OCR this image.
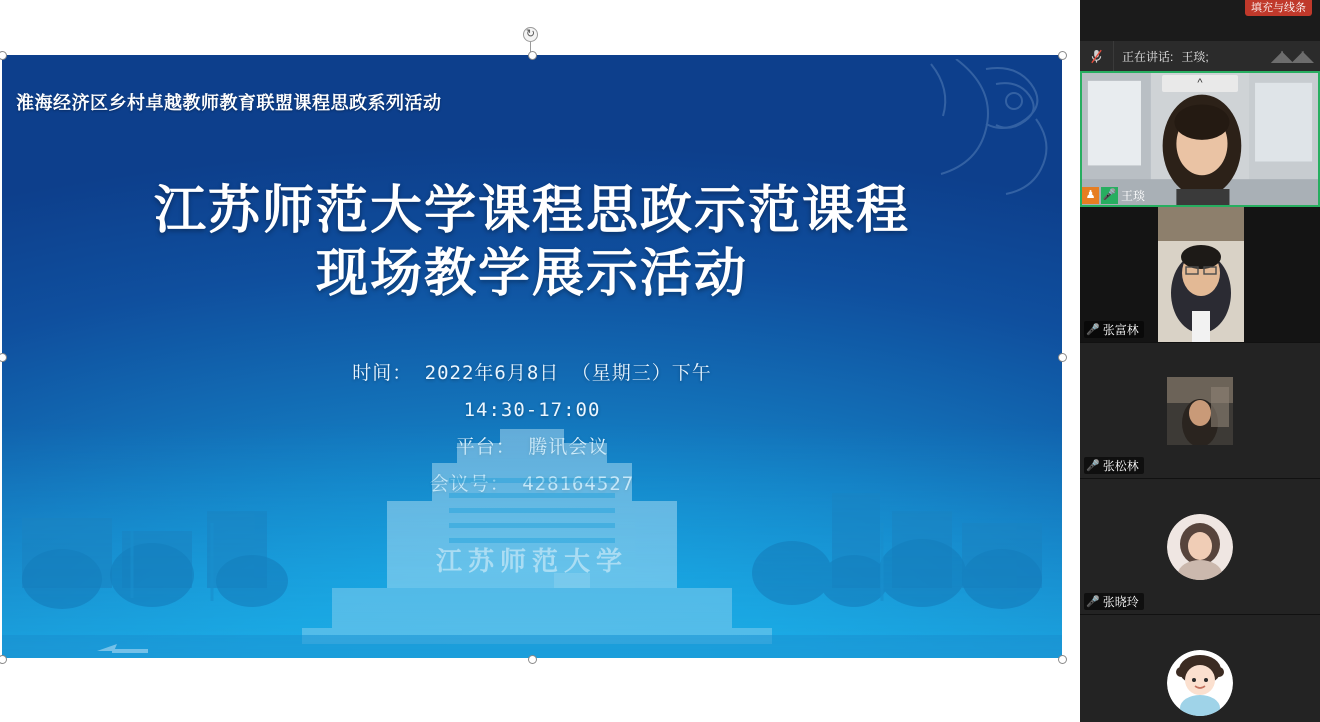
↻
淮海经济区乡村卓越教师教育联盟课程思政系列活动
江苏师范大学课程思政示范课程
现场教学展示活动
时间： 2022年6月8日 （星期三）下午
14:30-17:00
江苏师范大学
填充与线条
正在讲话: 王琰;	◢◣◢◣
^
♟ 🎤 王琰
🎤 张富林
🎤 张松林
🎤 张晓玲
